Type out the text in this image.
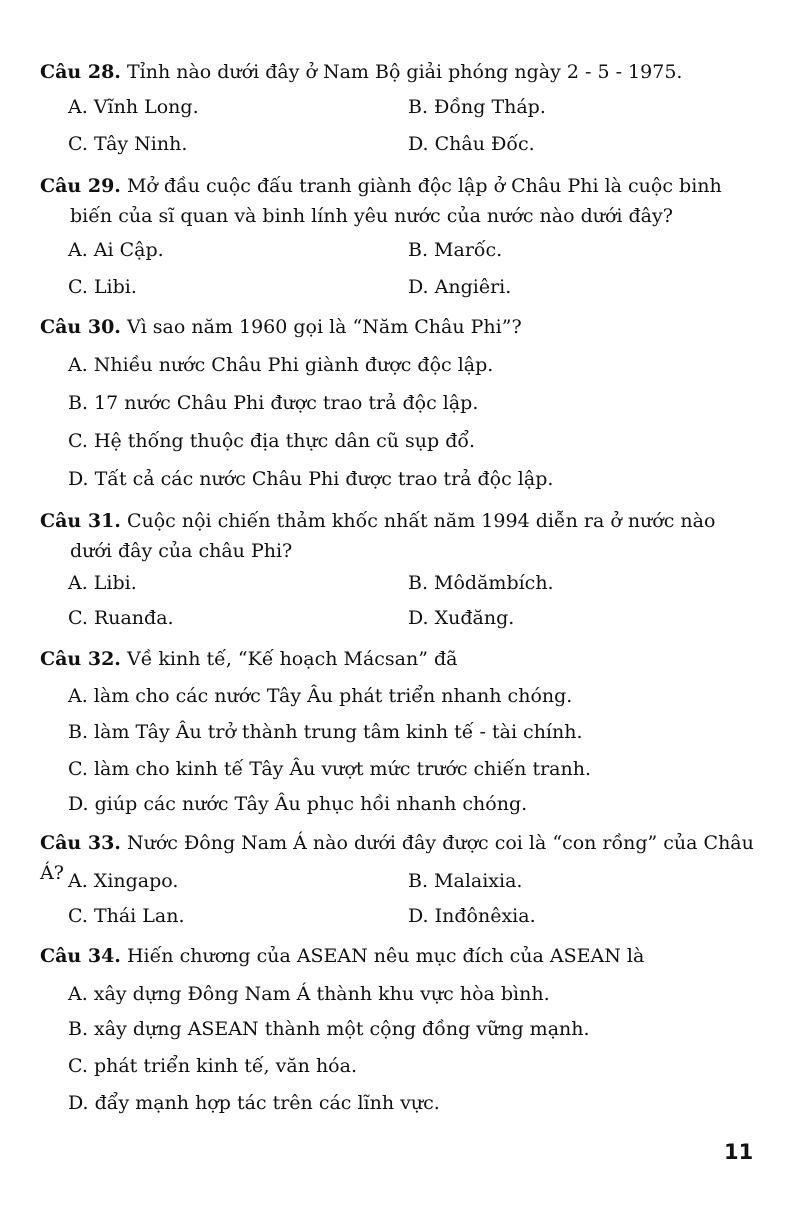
Câu 28. Tỉnh nào dưới đây ở Nam Bộ giải phóng ngày 2 - 5 - 1975.
A. Vĩnh Long.	B. Đồng Tháp.
C. Tây Ninh.	D. Châu Đốc.
Câu 29. Mở đầu cuộc đấu tranh giành độc lập ở Châu Phi là cuộc binh
biến của sĩ quan và binh lính yêu nước của nước nào dưới đây?
A. Ai Cập.	B. Marốc.
C. Libi.	D. Angiêri.
Câu 30. Vì sao năm 1960 gọi là “Năm Châu Phi”?
A. Nhiều nước Châu Phi giành được độc lập.
B. 17 nước Châu Phi được trao trả độc lập.
C. Hệ thống thuộc địa thực dân cũ sụp đổ.
D. Tất cả các nước Châu Phi được trao trả độc lập.
Câu 31. Cuộc nội chiến thảm khốc nhất năm 1994 diễn ra ở nước nào
dưới đây của châu Phi?
A. Libi.	B. Môdămbích.
C. Ruanđa.	D. Xuđăng.
Câu 32. Về kinh tế, “Kế hoạch Mácsan” đã
A. làm cho các nước Tây Âu phát triển nhanh chóng.
B. làm Tây Âu trở thành trung tâm kinh tế - tài chính.
C. làm cho kinh tế Tây Âu vượt mức trước chiến tranh.
D. giúp các nước Tây Âu phục hồi nhanh chóng.
Câu 33. Nước Đông Nam Á nào dưới đây được coi là “con rồng” của Châu Á? A. Xingapo.	B. Malaixia.
C. Thái Lan.	D. Inđônêxia.
Câu 34. Hiến chương của ASEAN nêu mục đích của ASEAN là
A. xây dựng Đông Nam Á thành khu vực hòa bình.
B. xây dựng ASEAN thành một cộng đồng vững mạnh.
C. phát triển kinh tế, văn hóa.
D. đẩy mạnh hợp tác trên các lĩnh vực.
11
